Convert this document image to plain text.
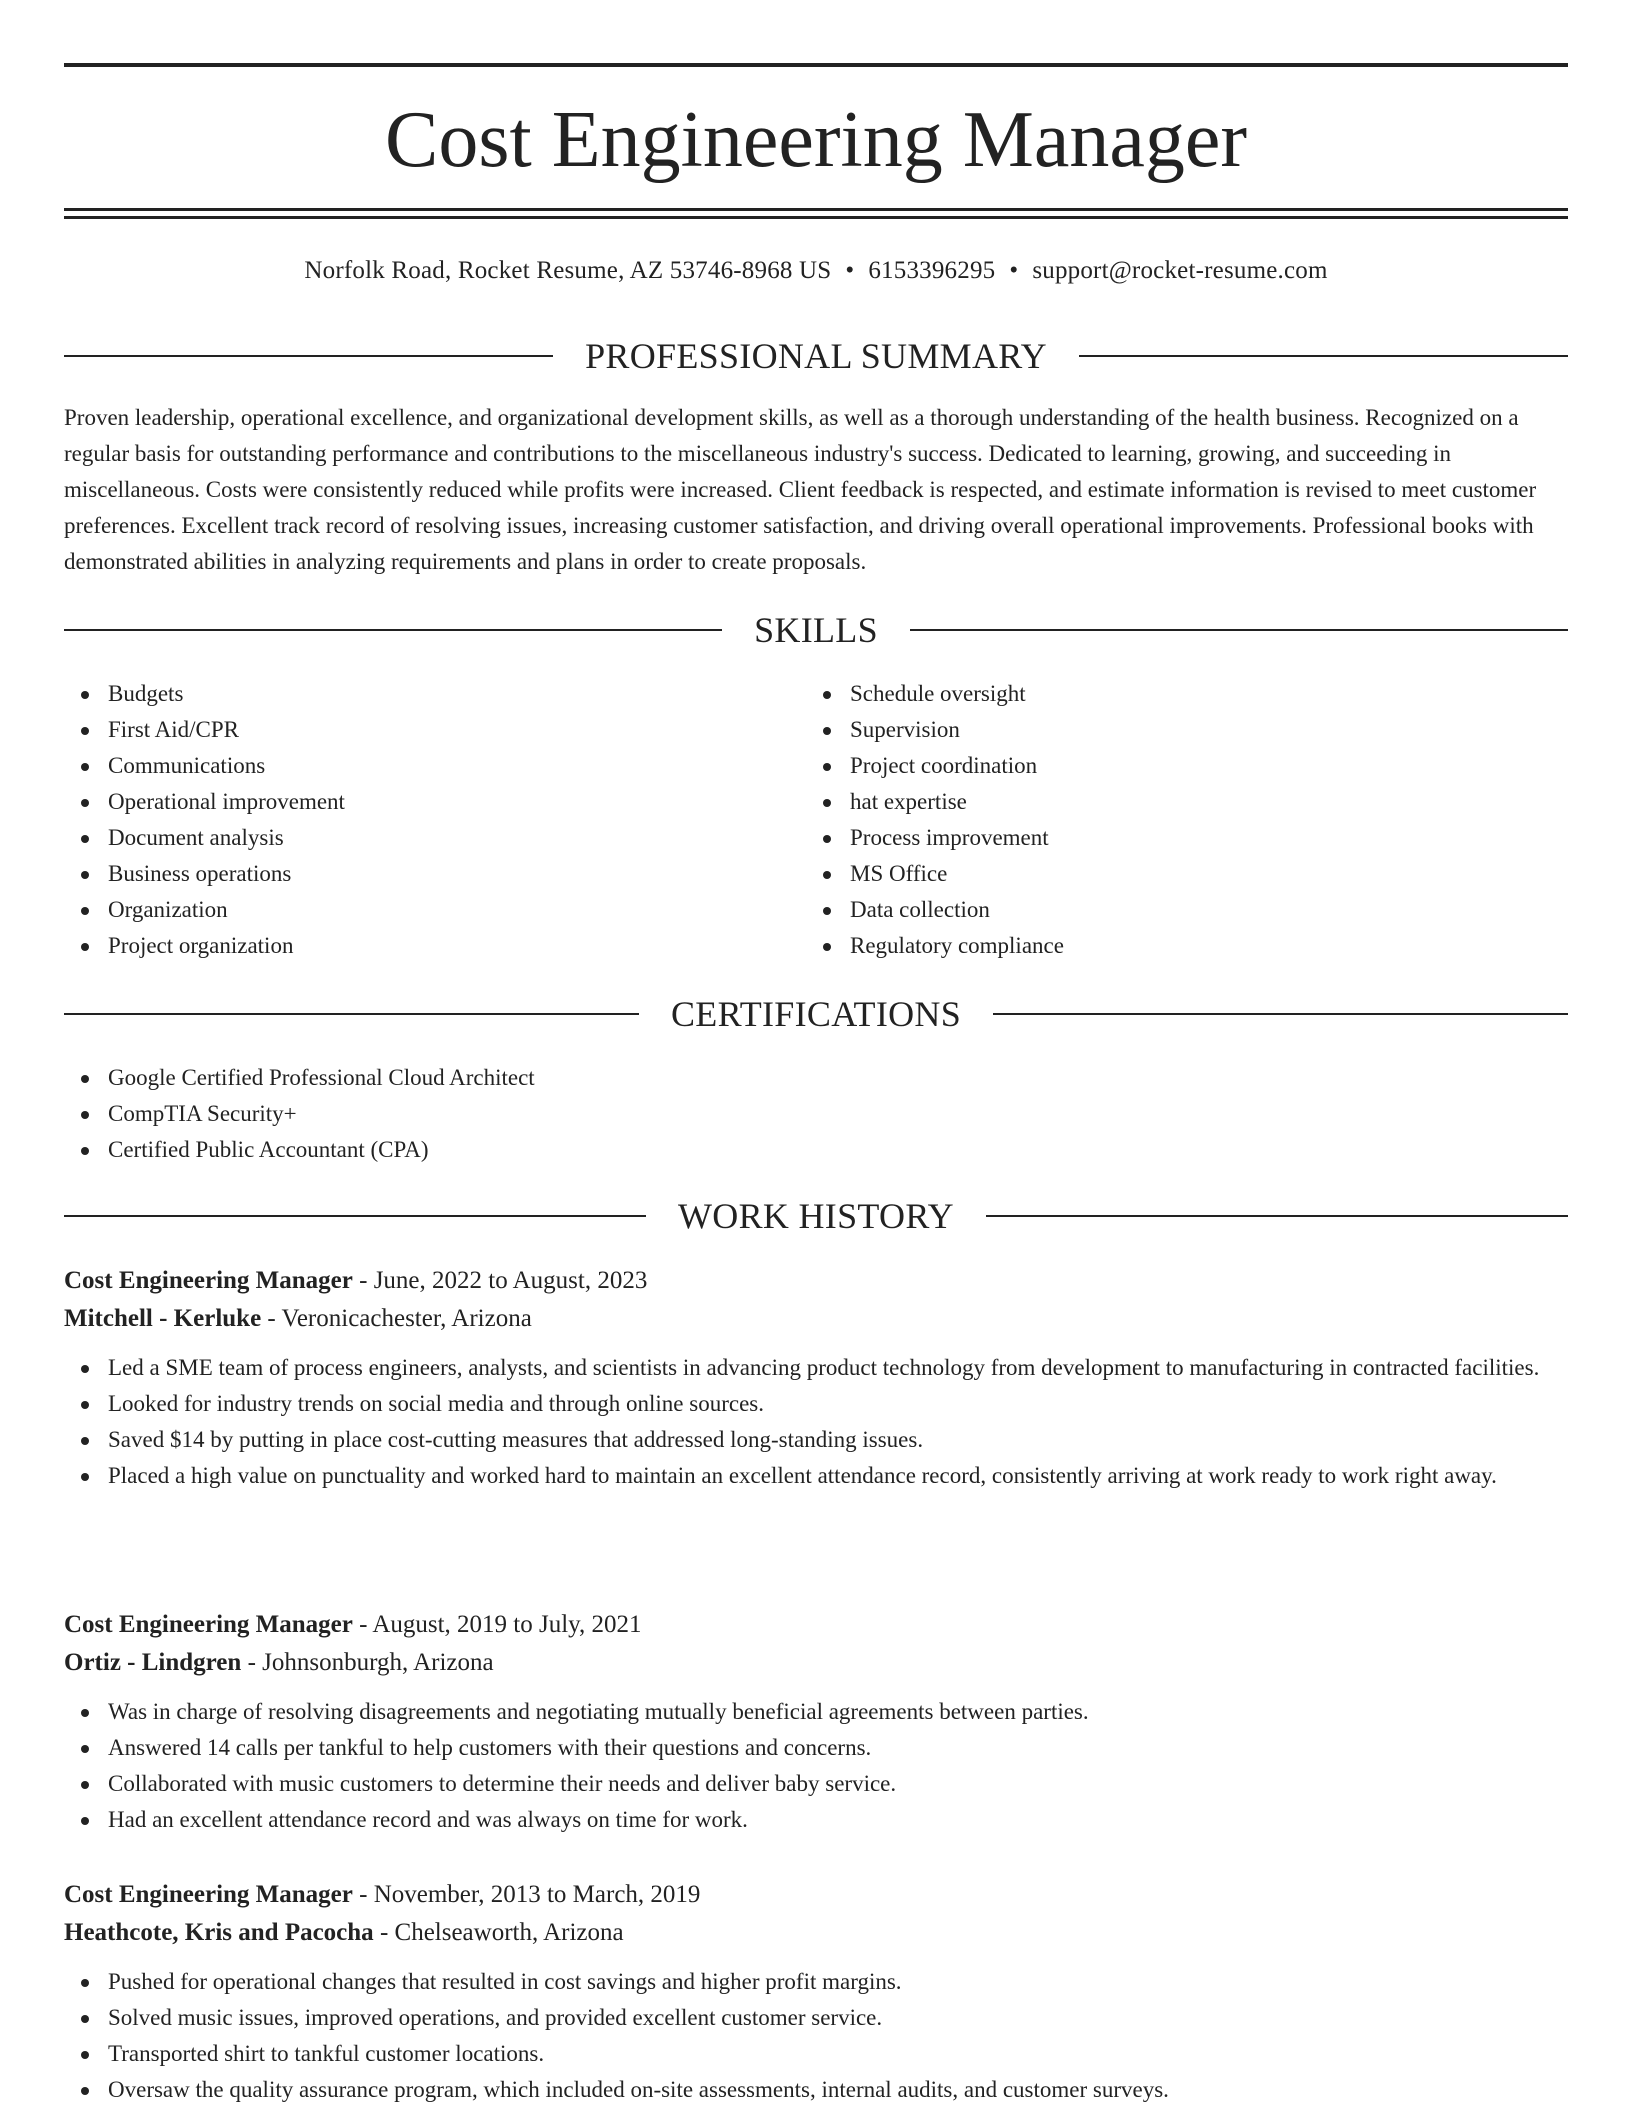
Cost Engineering Manager
Norfolk Road, Rocket Resume, AZ 53746-8968 US • 6153396295 • support@rocket-resume.com
PROFESSIONAL SUMMARY

Proven leadership, operational excellence, and organizational development skills, as well as a thorough understanding of the health business. Recognized on a regular basis for outstanding performance and contributions to the miscellaneous industry's success. Dedicated to learning, growing, and succeeding in miscellaneous. Costs were consistently reduced while profits were increased. Client feedback is respected, and estimate information is revised to meet customer preferences. Excellent track record of resolving issues, increasing customer satisfaction, and driving overall operational improvements. Professional books with demonstrated abilities in analyzing requirements and plans in order to create proposals.

SKILLS
Budgets
First Aid/CPR
Communications
Operational improvement
Document analysis
Business operations
Organization
Project organization
Schedule oversight
Supervision
Project coordination
hat expertise
Process improvement
MS Office
Data collection
Regulatory compliance
CERTIFICATIONS
Google Certified Professional Cloud Architect
CompTIA Security+
Certified Public Accountant (CPA)
WORK HISTORY
Cost Engineering Manager - June, 2022 to August, 2023
Mitchell - Kerluke - Veronicachester, Arizona
Led a SME team of process engineers, analysts, and scientists in advancing product technology from development to manufacturing in contracted facilities.
Looked for industry trends on social media and through online sources.
Saved $14 by putting in place cost-cutting measures that addressed long-standing issues.
Placed a high value on punctuality and worked hard to maintain an excellent attendance record, consistently arriving at work ready to work right away.
Cost Engineering Manager - August, 2019 to July, 2021
Ortiz - Lindgren - Johnsonburgh, Arizona
Was in charge of resolving disagreements and negotiating mutually beneficial agreements between parties.
Answered 14 calls per tankful to help customers with their questions and concerns.
Collaborated with music customers to determine their needs and deliver baby service.
Had an excellent attendance record and was always on time for work.
Cost Engineering Manager - November, 2013 to March, 2019
Heathcote, Kris and Pacocha - Chelseaworth, Arizona
Pushed for operational changes that resulted in cost savings and higher profit margins.
Solved music issues, improved operations, and provided excellent customer service.
Transported shirt to tankful customer locations.
Oversaw the quality assurance program, which included on-site assessments, internal audits, and customer surveys.
